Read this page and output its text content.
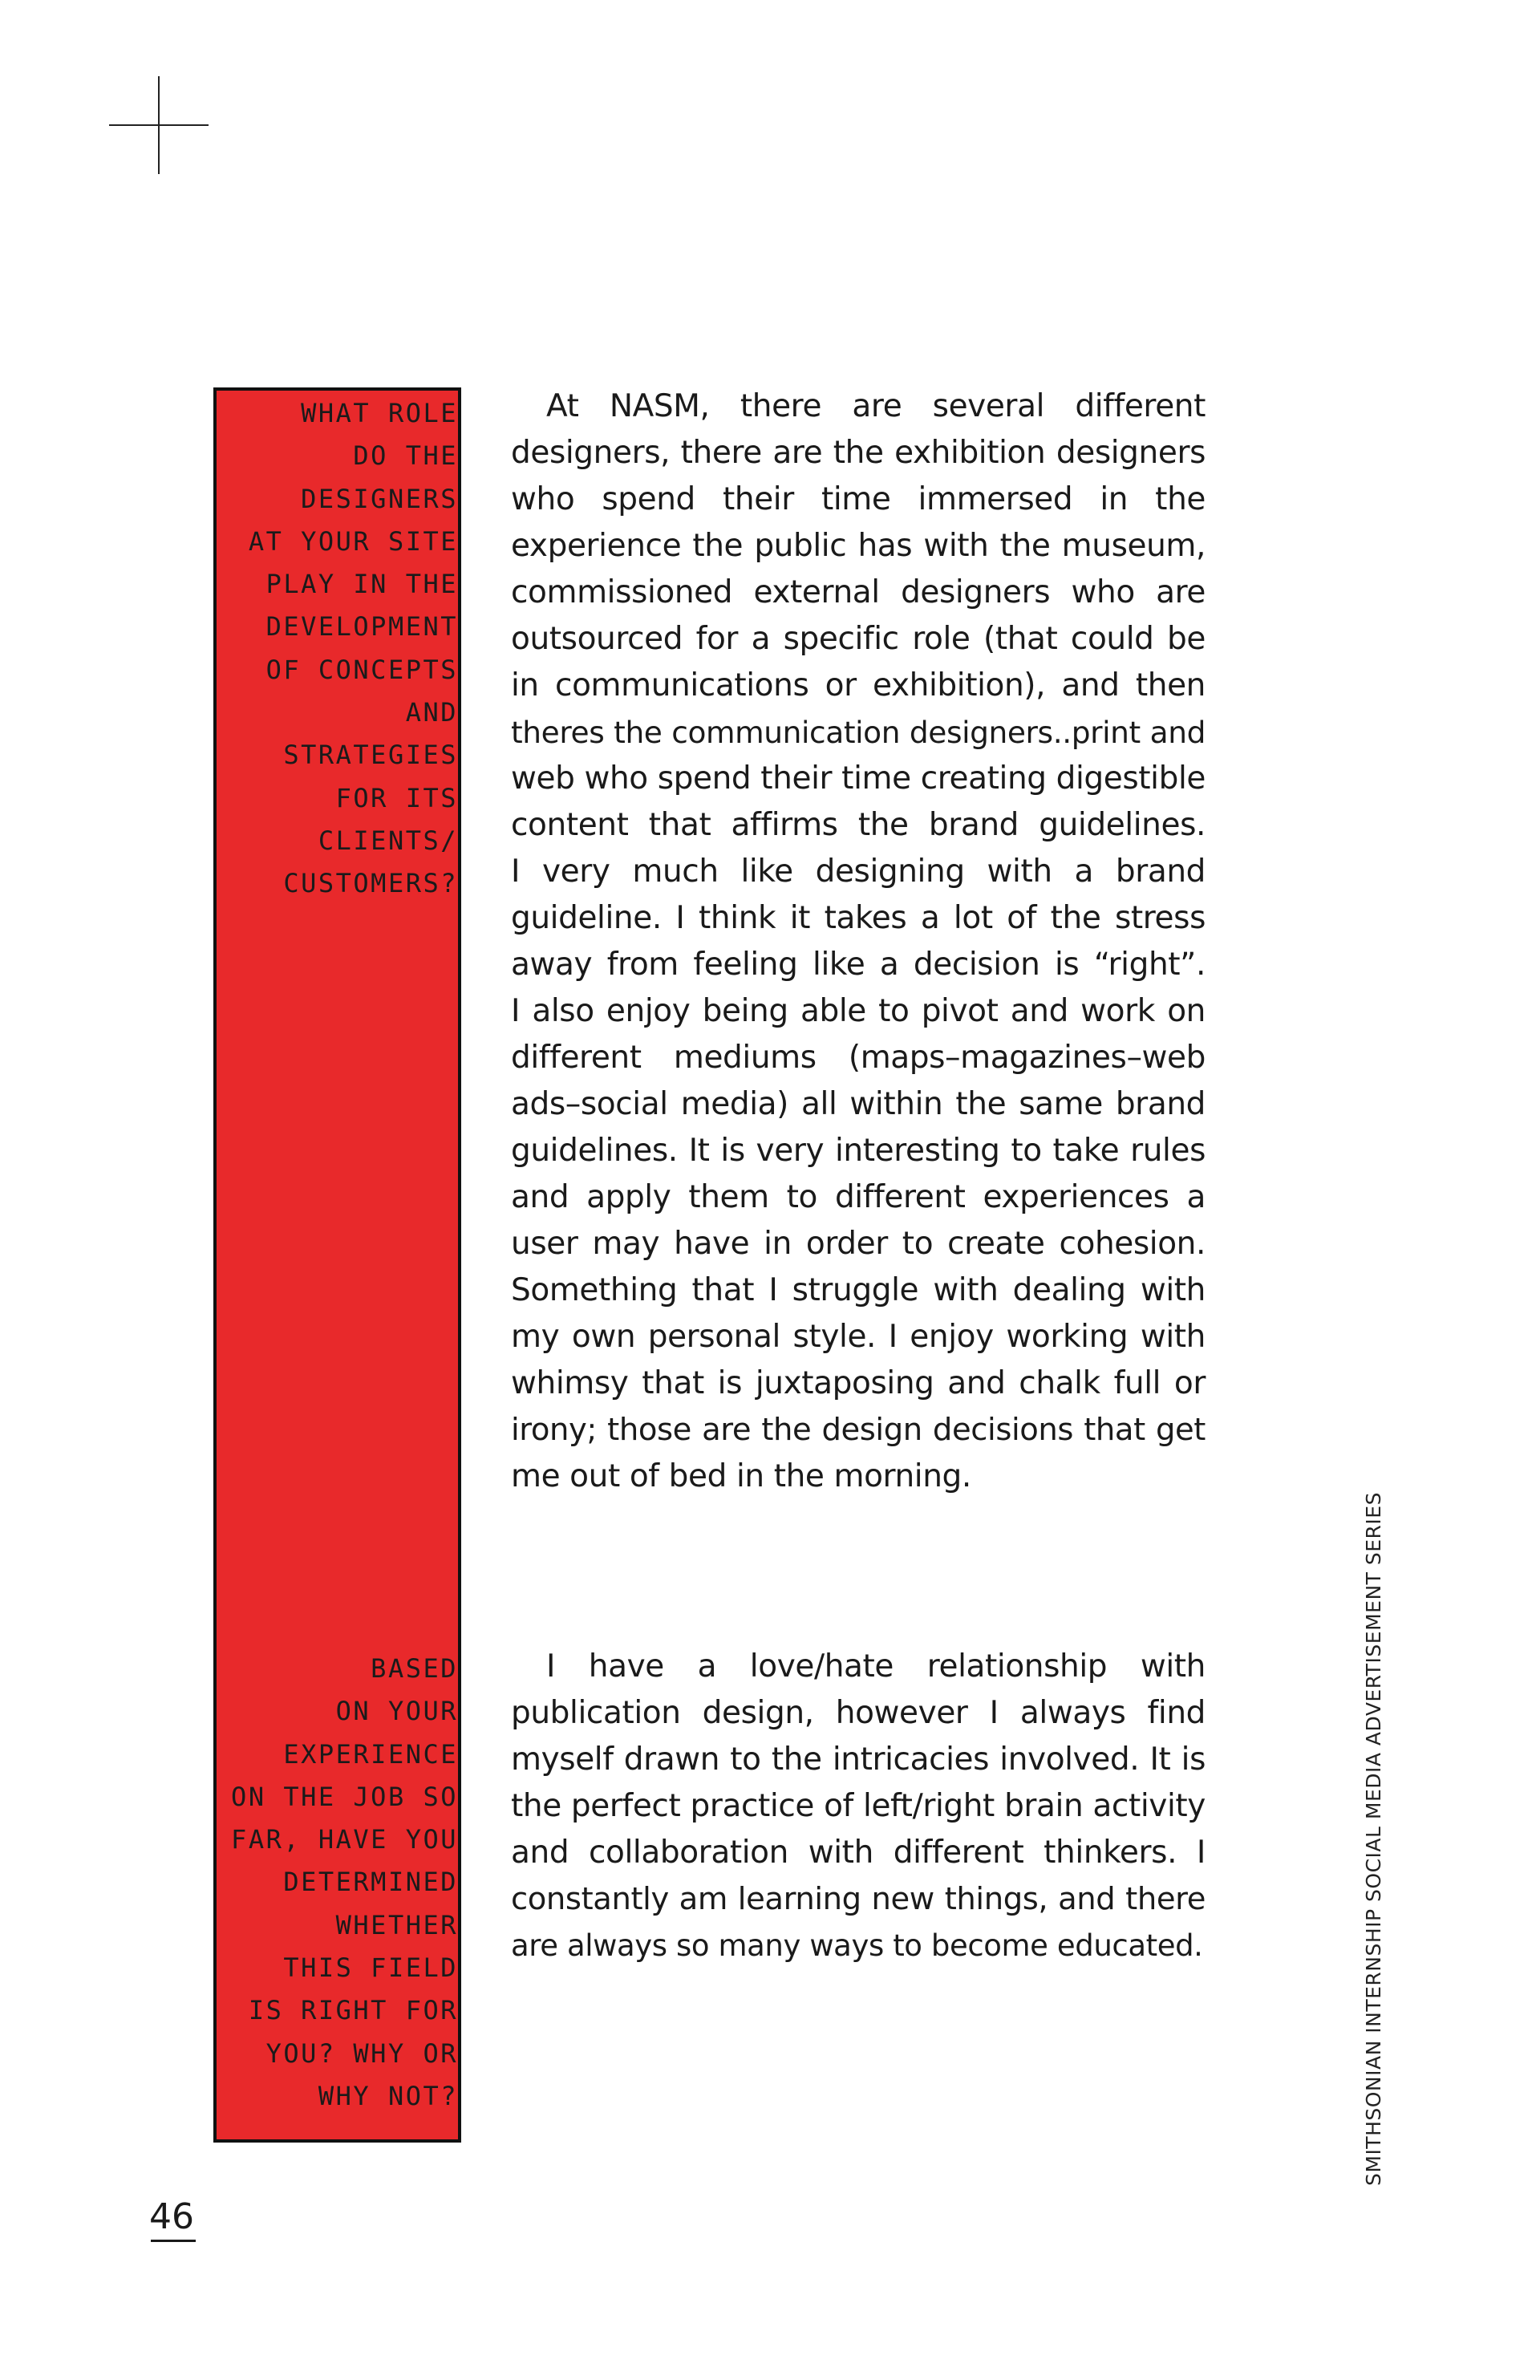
WHAT ROLE
DO THE
DESIGNERS
AT YOUR SITE
PLAY IN THE
DEVELOPMENT
OF CONCEPTS
AND
STRATEGIES
FOR ITS
CLIENTS/
CUSTOMERS?

BASED
ON YOUR
EXPERIENCE
ON THE JOB SO
FAR, HAVE YOU
DETERMINED
WHETHER
THIS FIELD
IS RIGHT FOR
YOU? WHY OR
WHY NOT?

At NASM, there are several different
designers, there are the exhibition designers
who spend their time immersed in the
experience the public has with the museum,
commissioned external designers who are
outsourced for a specific role (that could be
in communications or exhibition), and then
theres the communication designers..print and
web who spend their time creating digestible
content that affirms the brand guidelines.
I very much like designing with a brand
guideline. I think it takes a lot of the stress
away from feeling like a decision is “right”.
I also enjoy being able to pivot and work on
different mediums (maps–magazines–web
ads–social media) all within the same brand
guidelines. It is very interesting to take rules
and apply them to different experiences a
user may have in order to create cohesion.
Something that I struggle with dealing with
my own personal style. I enjoy working with
whimsy that is juxtaposing and chalk full or
irony; those are the design decisions that get
me out of bed in the morning.
I have a love/hate relationship with
publication design, however I always find
myself drawn to the intricacies involved. It is
the perfect practice of left/right brain activity
and collaboration with different thinkers. I
constantly am learning new things, and there
are always so many ways to become educated.	SMITHSONIAN INTERNSHIP SOCIAL MEDIA ADVERTISEMENT SERIES
46
